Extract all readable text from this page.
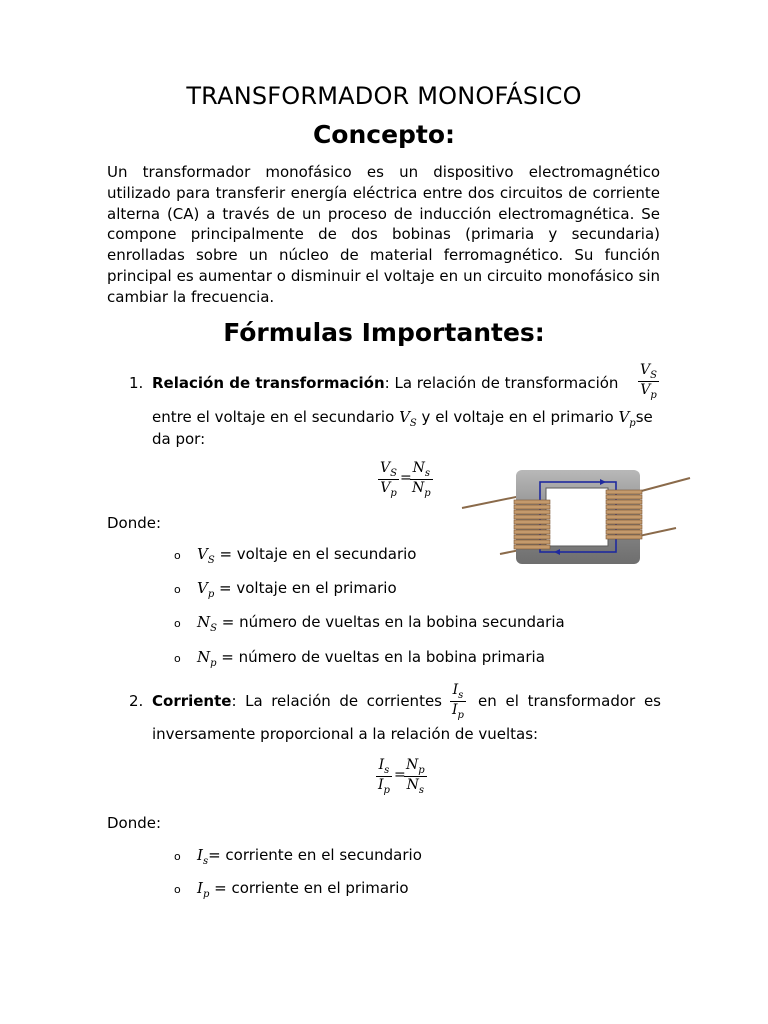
TRANSFORMADOR MONOFÁSICO
Concepto:
Un transformador monofásico es un dispositivo electromagnético
utilizado para transferir energía eléctrica entre dos circuitos de corriente
alterna (CA) a través de un proceso de inducción electromagnética. Se
compone principalmente de dos bobinas (primaria y secundaria)
enrolladas sobre un núcleo de material ferromagnético. Su función
principal es aumentar o disminuir el voltaje en un circuito monofásico sin
cambiar la frecuencia.
Fórmulas Importantes:
1. Relación de transformación: La relación de transformación $\frac{V_S}{V_p}$
entre el voltaje en el secundario $V_S$ y el voltaje en el primario $V_pse$
da por:
$\frac{V_S}{V_p}$ =
$\frac{N_s}{N_p}$
Donde:
o $V_S$ = voltaje en el secundario
o $V_p$ = voltaje en el primario
o $N_S$ = número de vueltas en la bobina secundaria
o $N_p$ = número de vueltas en la bobina primaria
2. Corriente: La relación de corrientes $\frac{I_s}{I_p}$ en el transformador es
inversamente proporcional a la relación de vueltas:
$\frac{I_s}{I_p}$ =
$\frac{N_p}{N_s}$
Donde:
o $I_s=$ corriente en el secundario
o $I_p$ = corriente en el primario
